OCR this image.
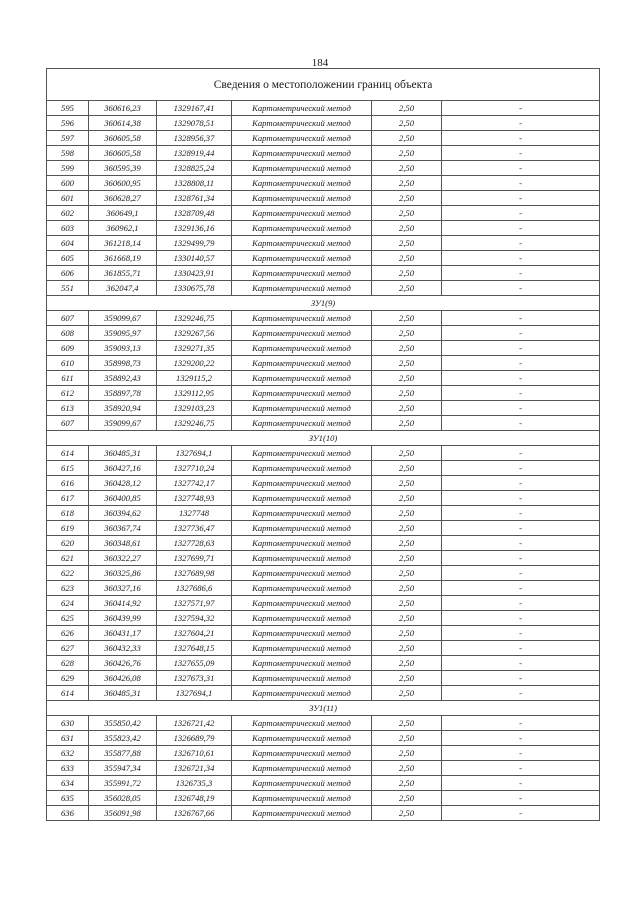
184
Сведения о местоположении границ объекта					
595	360616,23	1329167,41	Картометрический метод	2,50	-
596	360614,38	1329078,51	Картометрический метод	2,50	-
597	360605,58	1328956,37	Картометрический метод	2,50	-
598	360605,58	1328919,44	Картометрический метод	2,50	-
599	360595,39	1328825,24	Картометрический метод	2,50	-
600	360600,95	1328808,11	Картометрический метод	2,50	-
601	360628,27	1328761,34	Картометрический метод	2,50	-
602	360649,1	1328709,48	Картометрический метод	2,50	-
603	360962,1	1329136,16	Картометрический метод	2,50	-
604	361218,14	1329499,79	Картометрический метод	2,50	-
605	361668,19	1330140,57	Картометрический метод	2,50	-
606	361855,71	1330423,91	Картометрический метод	2,50	-
551	362047,4	1330675,78	Картометрический метод	2,50	-
ЗУ1(9)					
607	359099,67	1329246,75	Картометрический метод	2,50	-
608	359095,97	1329267,56	Картометрический метод	2,50	-
609	359093,13	1329271,35	Картометрический метод	2,50	-
610	358998,73	1329200,22	Картометрический метод	2,50	-
611	358892,43	1329115,2	Картометрический метод	2,50	-
612	358897,78	1329112,95	Картометрический метод	2,50	-
613	358920,94	1329103,23	Картометрический метод	2,50	-
607	359099,67	1329246,75	Картометрический метод	2,50	-
ЗУ1(10)					
614	360485,31	1327694,1	Картометрический метод	2,50	-
615	360427,16	1327710,24	Картометрический метод	2,50	-
616	360428,12	1327742,17	Картометрический метод	2,50	-
617	360400,85	1327748,93	Картометрический метод	2,50	-
618	360394,62	1327748	Картометрический метод	2,50	-
619	360367,74	1327736,47	Картометрический метод	2,50	-
620	360348,61	1327728,63	Картометрический метод	2,50	-
621	360322,27	1327699,71	Картометрический метод	2,50	-
622	360325,86	1327689,98	Картометрический метод	2,50	-
623	360327,16	1327686,6	Картометрический метод	2,50	-
624	360414,92	1327571,97	Картометрический метод	2,50	-
625	360439,99	1327594,32	Картометрический метод	2,50	-
626	360431,17	1327604,21	Картометрический метод	2,50	-
627	360432,33	1327648,15	Картометрический метод	2,50	-
628	360426,76	1327655,09	Картометрический метод	2,50	-
629	360426,08	1327673,31	Картометрический метод	2,50	-
614	360485,31	1327694,1	Картометрический метод	2,50	-
ЗУ1(11)					
630	355850,42	1326721,42	Картометрический метод	2,50	-
631	355823,42	1326689,79	Картометрический метод	2,50	-
632	355877,88	1326710,61	Картометрический метод	2,50	-
633	355947,34	1326721,34	Картометрический метод	2,50	-
634	355991,72	1326735,3	Картометрический метод	2,50	-
635	356028,05	1326748,19	Картометрический метод	2,50	-
636	356091,98	1326767,66	Картометрический метод	2,50	-
